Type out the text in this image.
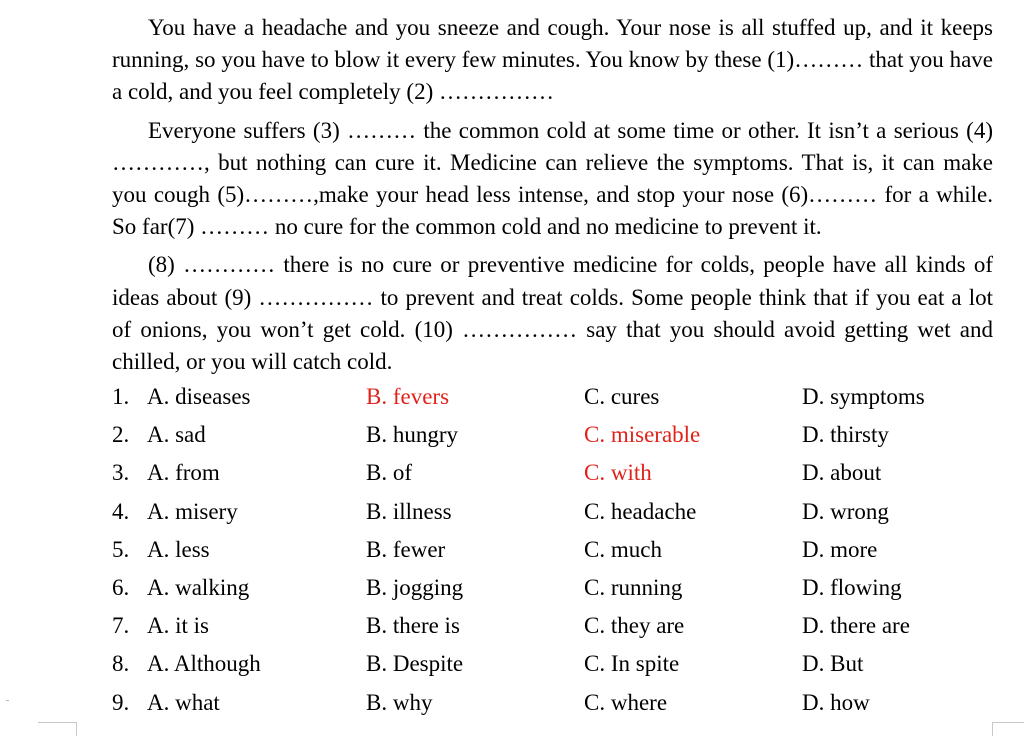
You have a headache and you sneeze and cough. Your nose is all stuffed up, and it keeps running, so you have to blow it every few minutes. You know by these (1)……… that you have a cold, and you feel completely (2) ……………

Everyone suffers (3) ……… the common cold at some time or other. It isn’t a serious (4) …………, but nothing can cure it. Medicine can relieve the symptoms. That is, it can make you cough (5)………,make your head less intense, and stop your nose (6)……… for a while. So far(7) ……… no cure for the common cold and no medicine to prevent it.

(8) ………… there is no cure or preventive medicine for colds, people have all kinds of ideas about (9) …………… to prevent and treat colds. Some people think that if you eat a lot of onions, you won’t get cold. (10) …………… say that you should avoid getting wet and chilled, or you will catch cold.

1. A. diseases	B. fevers	C. cures	D. symptoms
2. A. sad	B. hungry	C. miserable	D. thirsty
3. A. from	B. of	C. with	D. about
4. A. misery	B. illness	C. headache	D. wrong
5. A. less	B. fewer	C. much	D. more
6. A. walking	B. jogging	C. running	D. flowing
7. A. it is	B. there is	C. they are	D. there are
8. A. Although	B. Despite	C. In spite	D. But
9. A. what	B. why	C. where	D. how
